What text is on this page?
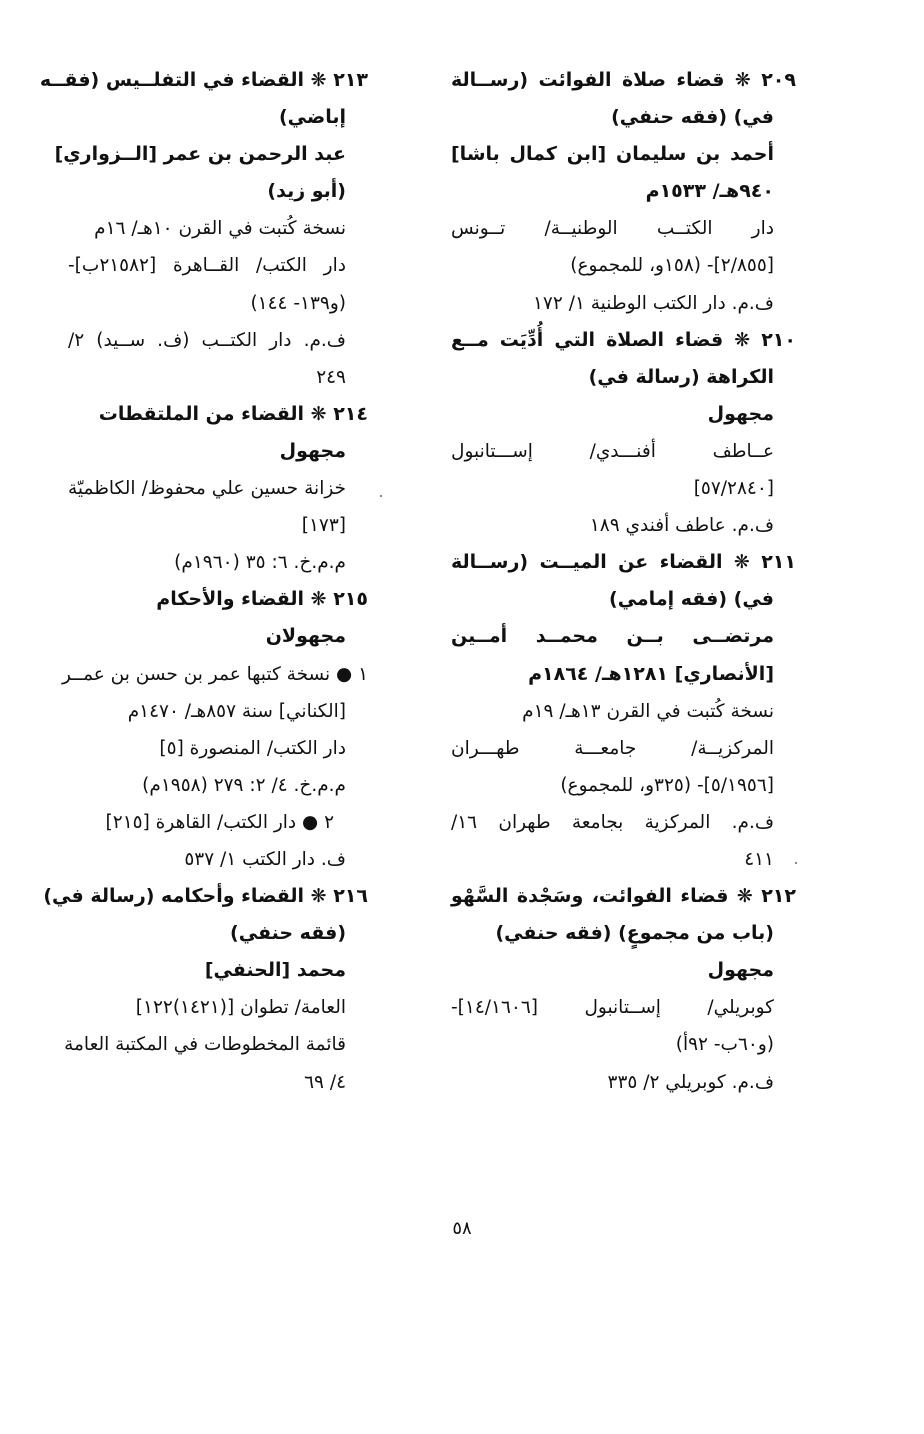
٢٠٩ ❋ قضاء صلاة الفوائت (رســالة
في) (فقه حنفي)
أحمد بن سليمان [ابن كمال باشا]
٩٤٠هـ/ ١٥٣٣م
دار الكتــب الوطنيــة/ تــونس
[٢/٨٥٥]- (١٥٨و، للمجموع)
ف.م. دار الكتب الوطنية ١/ ١٧٢
٢١٠ ❋ قضاء الصلاة التي أُدِّيَت مــع
الكراهة (رسالة في)
مجهول
عــاطف أفنـــدي/ إســـتانبول
[٥٧/٢٨٤٠]
ف.م. عاطف أفندي ١٨٩
٢١١ ❋ القضاء عن الميــت (رســالة
في) (فقه إمامي)
مرتضــى بــن محمــد أمــين
[الأنصاري] ١٢٨١هـ/ ١٨٦٤م
نسخة كُتبت في القرن ١٣هـ/ ١٩م
المركزيــة/ جامعـــة طهـــران
[٥/١٩٥٦]- (٣٢٥و، للمجموع)
ف.م. المركزية بجامعة طهران ١٦/
٤١١
٢١٢ ❋ قضاء الفوائت، وسَجْدة السَّهْو
(باب من مجموعٍ) (فقه حنفي)
مجهول
كوبريلي/ إســتانبول [١٤/١٦٠٦]-
(و٦٠ب- ٩٢أ)
ف.م. كوبريلي ٢/ ٣٣٥
٢١٣ ❋ القضاء في التفلــيس (فقــه
إباضي)
عبد الرحمن بن عمر [الــزواري]
(أبو زيد)
نسخة كُتبت في القرن ١٠هـ/ ١٦م
دار الكتب/ القــاهرة [٢١٥٨٢ب]-
(و١٣٩- ١٤٤)
ف.م. دار الكتــب (ف. ســيد) ٢/
٢٤٩
٢١٤ ❋ القضاء من الملتقطات
مجهول
خزانة حسين علي محفوظ/ الكاظميّة
[١٧٣]
م.م.خ. ٦: ٣٥ (١٩٦٠م)
٢١٥ ❋ القضاء والأحكام
مجهولان
١ ● نسخة كتبها عمر بن حسن بن عمــر
[الكناني] سنة ٨٥٧هـ/ ١٤٧٠م
دار الكتب/ المنصورة [٥]
م.م.خ. ٤/ ٢: ٢٧٩ (١٩٥٨م)
٢ ● دار الكتب/ القاهرة [٢١٥]
ف. دار الكتب ١/ ٥٣٧
٢١٦ ❋ القضاء وأحكامه (رسالة في)
(فقه حنفي)
محمد [الحنفي]
العامة/ تطوان [(١٤٢١)١٢٢]
قائمة المخطوطات في المكتبة العامة
٤/ ٦٩
٥٨
